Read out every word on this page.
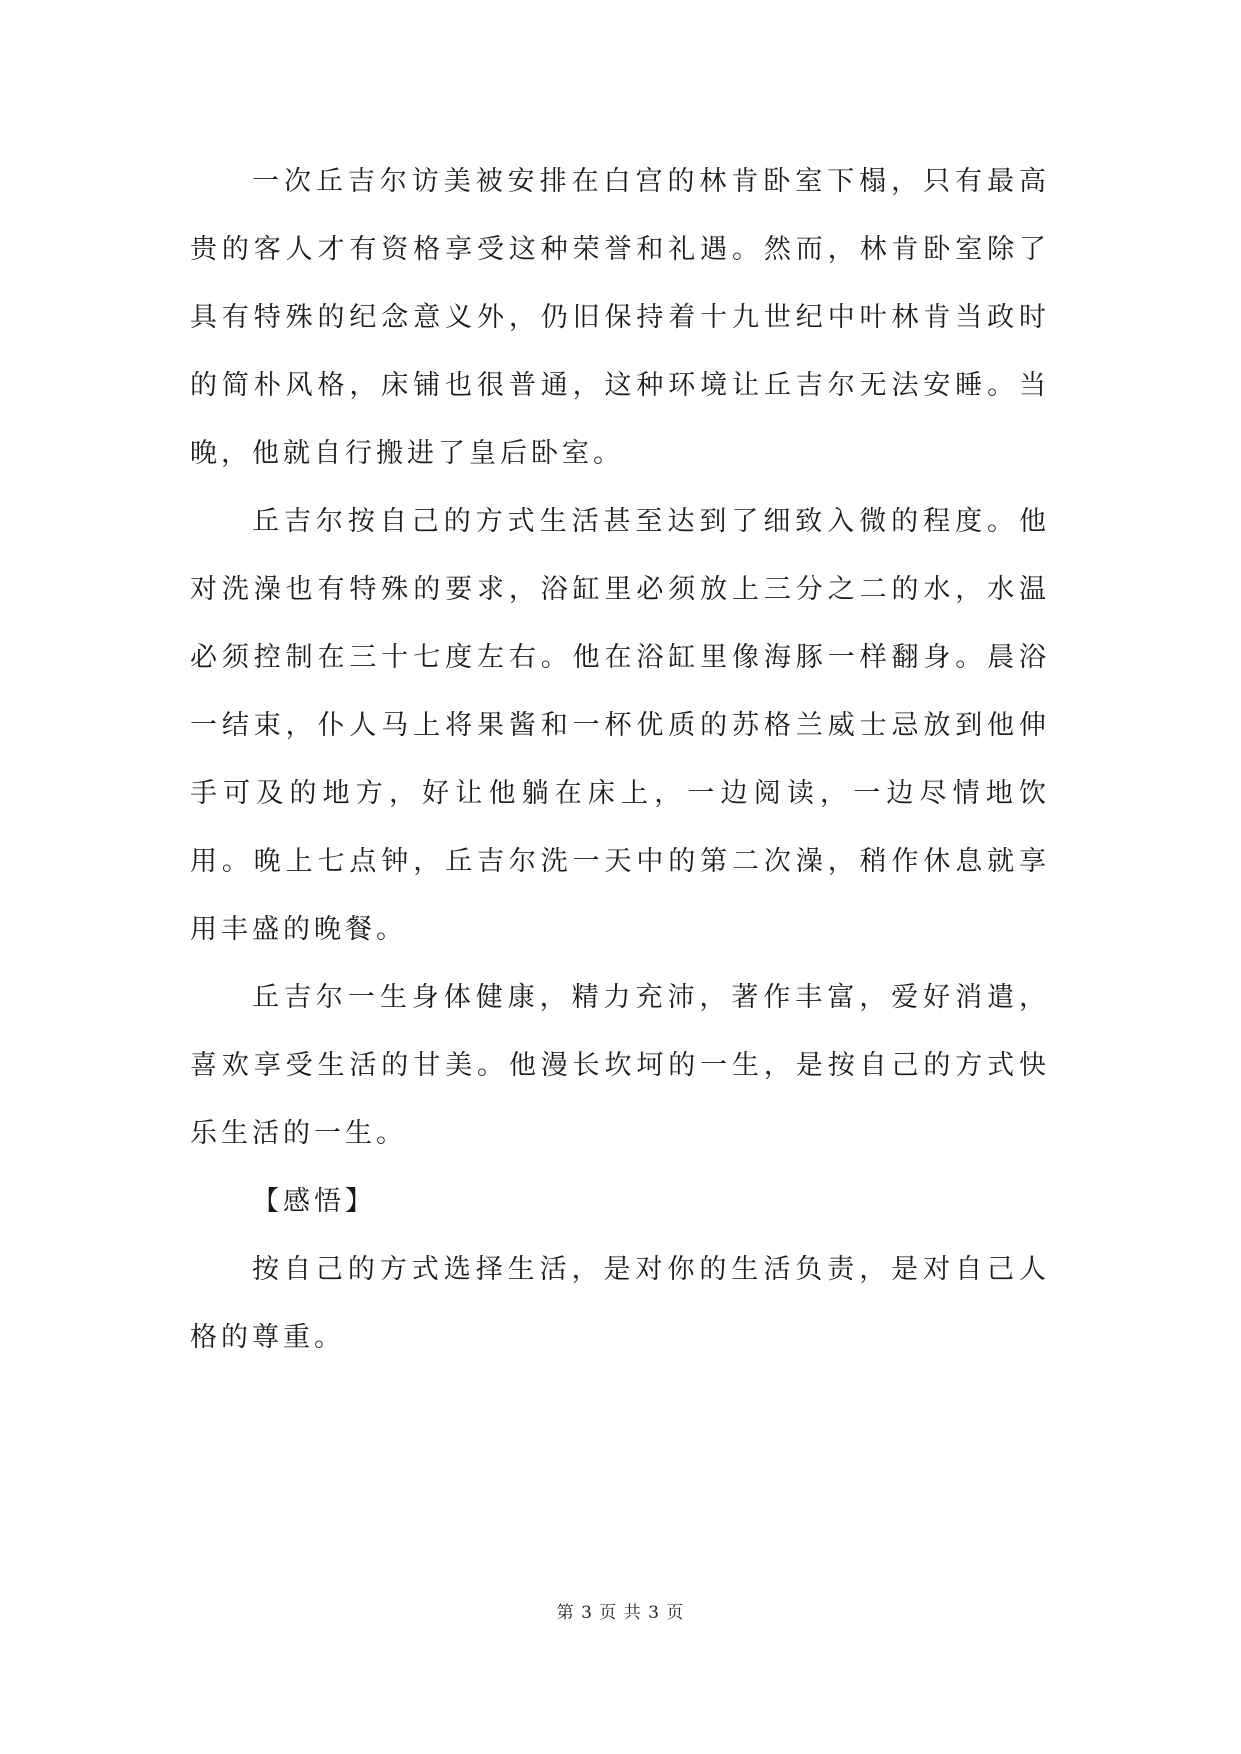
一次丘吉尔访美被安排在白宫的林肯卧室下榻，只有最高贵的客人才有资格享受这种荣誉和礼遇。然而，林肯卧室除了具有特殊的纪念意义外，仍旧保持着十九世纪中叶林肯当政时的简朴风格，床铺也很普通，这种环境让丘吉尔无法安睡。当晚，他就自行搬进了皇后卧室。

丘吉尔按自己的方式生活甚至达到了细致入微的程度。他对洗澡也有特殊的要求，浴缸里必须放上三分之二的水，水温必须控制在三十七度左右。他在浴缸里像海豚一样翻身。晨浴一结束，仆人马上将果酱和一杯优质的苏格兰威士忌放到他伸手可及的地方，好让他躺在床上，一边阅读，一边尽情地饮用。晚上七点钟，丘吉尔洗一天中的第二次澡，稍作休息就享用丰盛的晚餐。

丘吉尔一生身体健康，精力充沛，著作丰富，爱好消遣，喜欢享受生活的甘美。他漫长坎坷的一生，是按自己的方式快乐生活的一生。

【感悟】

按自己的方式选择生活，是对你的生活负责，是对自己人格的尊重。

第 3 页 共 3 页
